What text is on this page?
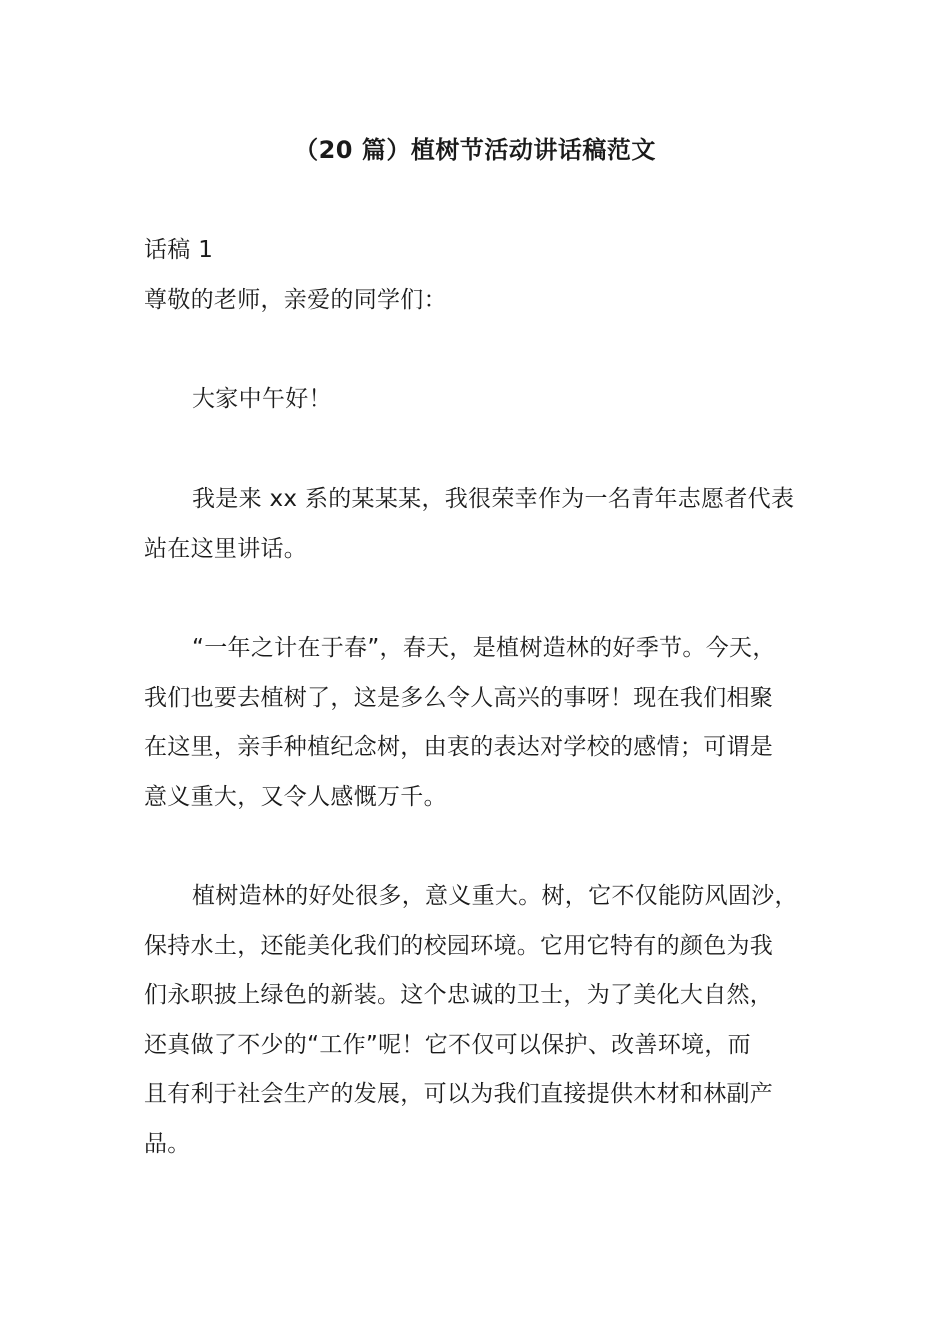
（20 篇）植树节活动讲话稿范文

话稿 1

尊敬的老师，亲爱的同学们：

大家中午好！

我是来 xx 系的某某某，我很荣幸作为一名青年志愿者代表
站在这里讲话。
“一年之计在于春”，春天，是植树造林的好季节。今天，
我们也要去植树了，这是多么令人高兴的事呀！现在我们相聚
在这里，亲手种植纪念树，由衷的表达对学校的感情；可谓是
意义重大，又令人感慨万千。
植树造林的好处很多，意义重大。树，它不仅能防风固沙，
保持水土，还能美化我们的校园环境。它用它特有的颜色为我
们永职披上绿色的新装。这个忠诚的卫士，为了美化大自然，
还真做了不少的“工作”呢！它不仅可以保护、改善环境，而
且有利于社会生产的发展，可以为我们直接提供木材和林副产
品。
